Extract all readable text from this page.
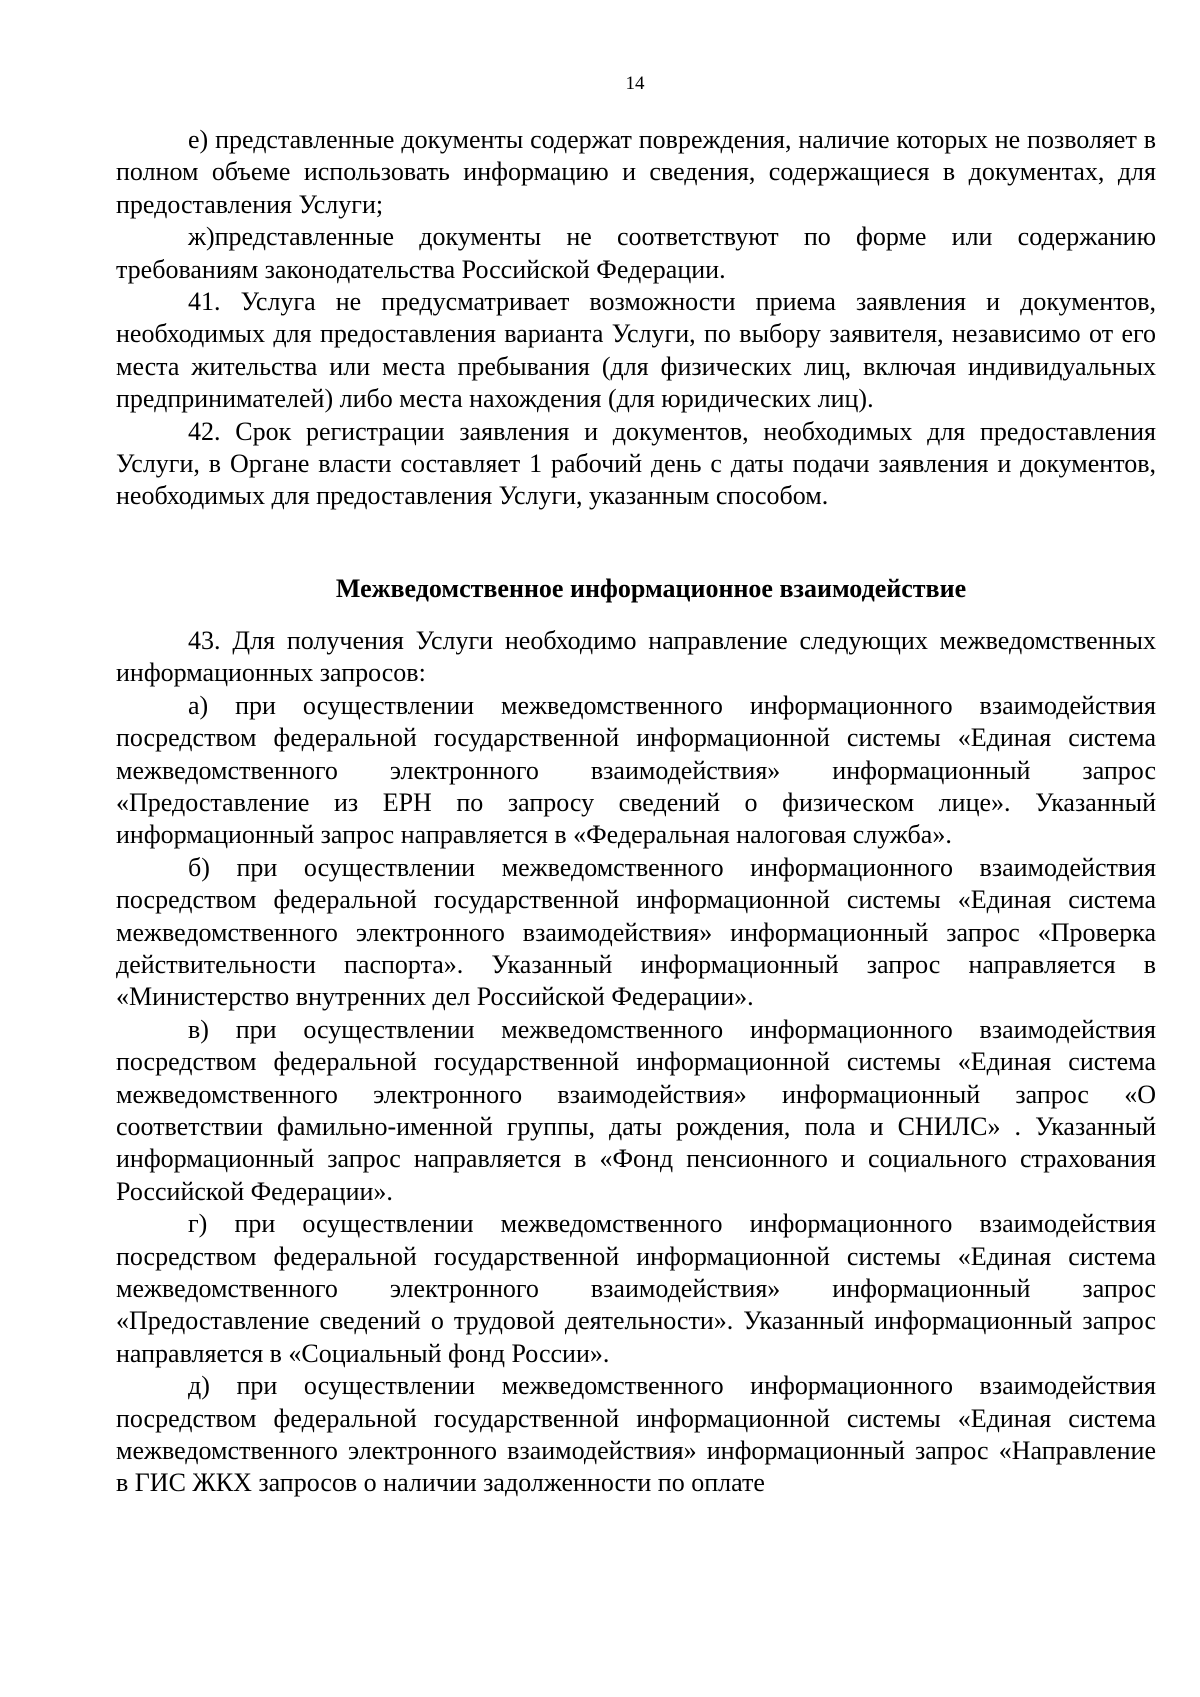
14

е) представленные документы содержат повреждения, наличие которых не позволяет в полном объеме использовать информацию и сведения, содержащиеся в документах, для предоставления Услуги;

ж)представленные документы не соответствуют по форме или содержанию требованиям законодательства Российской Федерации.

41. Услуга не предусматривает возможности приема заявления и документов, необходимых для предоставления варианта Услуги, по выбору заявителя, независимо от его места жительства или места пребывания (для физических лиц, включая индивидуальных предпринимателей) либо места нахождения (для юридических лиц).

42. Срок регистрации заявления и документов, необходимых для предоставления Услуги, в Органе власти составляет 1 рабочий день с даты подачи заявления и документов, необходимых для предоставления Услуги, указанным способом.

Межведомственное информационное взаимодействие

43. Для получения Услуги необходимо направление следующих межведомственных информационных запросов:

а) при осуществлении межведомственного информационного взаимодействия посредством федеральной государственной информационной системы «Единая система межведомственного электронного взаимодействия» информационный запрос «Предоставление из ЕРН по запросу сведений о физическом лице». Указанный информационный запрос направляется в «Федеральная налоговая служба».

б) при осуществлении межведомственного информационного взаимодействия посредством федеральной государственной информационной системы «Единая система межведомственного электронного взаимодействия» информационный запрос «Проверка действительности паспорта». Указанный информационный запрос направляется в «Министерство внутренних дел Российской Федерации».

в) при осуществлении межведомственного информационного взаимодействия посредством федеральной государственной информационной системы «Единая система межведомственного электронного взаимодействия» информационный запрос «О соответствии фамильно-именной группы, даты рождения, пола и СНИЛС» . Указанный информационный запрос направляется в «Фонд пенсионного и социального страхования Российской Федерации».

г) при осуществлении межведомственного информационного взаимодействия посредством федеральной государственной информационной системы «Единая система межведомственного электронного взаимодействия» информационный запрос «Предоставление сведений о трудовой деятельности». Указанный информационный запрос направляется в «Социальный фонд России».

д) при осуществлении межведомственного информационного взаимодействия посредством федеральной государственной информационной системы «Единая система межведомственного электронного взаимодействия» информационный запрос «Направление в ГИС ЖКХ запросов о наличии задолженности по оплате
